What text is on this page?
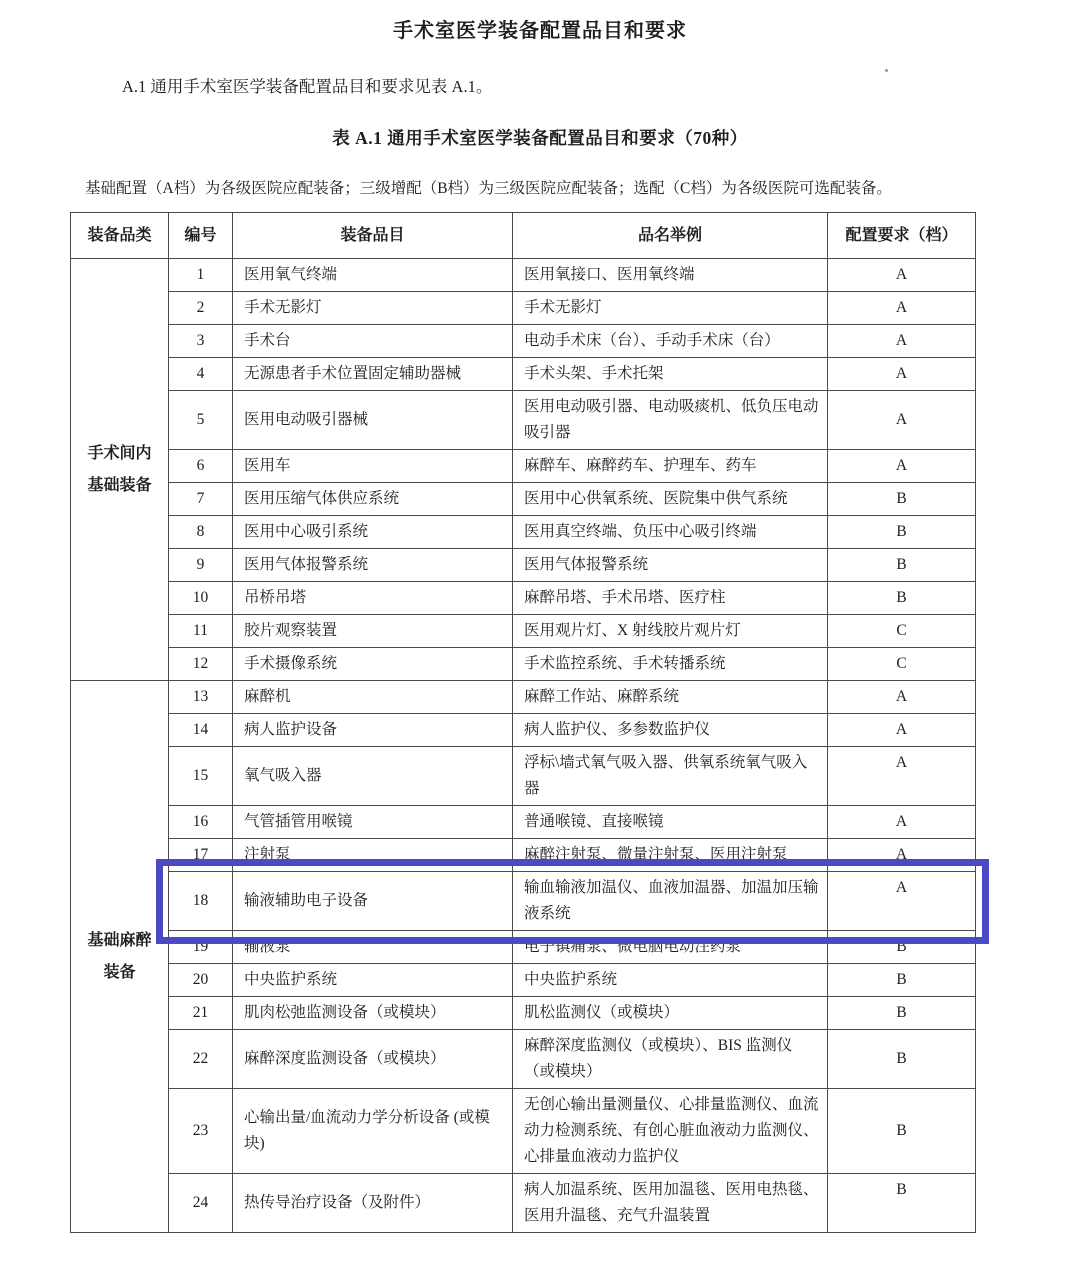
手术室医学装备配置品目和要求

A.1 通用手术室医学装备配置品目和要求见表 A.1。

表 A.1 通用手术室医学装备配置品目和要求（70种）

基础配置（A档）为各级医院应配装备；三级增配（B档）为三级医院应配装备；选配（C档）为各级医院可选配装备。

装备品类	编号	装备品目	品名举例	配置要求（档）

手术间内
基础装备	1	医用氧气终端	医用氧接口、医用氧终端	A
	2	手术无影灯	手术无影灯	A
	3	手术台	电动手术床（台）、手动手术床（台）	A
	4	无源患者手术位置固定辅助器械	手术头架、手术托架	A
	5	医用电动吸引器械	医用电动吸引器、电动吸痰机、低负压电动吸引器	A
	6	医用车	麻醉车、麻醉药车、护理车、药车	A
	7	医用压缩气体供应系统	医用中心供氧系统、医院集中供气系统	B
	8	医用中心吸引系统	医用真空终端、负压中心吸引终端	B
	9	医用气体报警系统	医用气体报警系统	B
	10	吊桥吊塔	麻醉吊塔、手术吊塔、医疗柱	B
	11	胶片观察装置	医用观片灯、X 射线胶片观片灯	C
	12	手术摄像系统	手术监控系统、手术转播系统	C

基础麻醉
装备	13	麻醉机	麻醉工作站、麻醉系统	A
	14	病人监护设备	病人监护仪、多参数监护仪	A
	15	氧气吸入器	浮标\墙式氧气吸入器、供氧系统氧气吸入器	A
	16	气管插管用喉镜	普通喉镜、直接喉镜	A
	17	注射泵	麻醉注射泵、微量注射泵、医用注射泵	A
	18	输液辅助电子设备	输血输液加温仪、血液加温器、加温加压输液系统	A
	19	输液泵	电子镇痛泵、微电脑电动注药泵	B
	20	中央监护系统	中央监护系统	B
	21	肌肉松弛监测设备（或模块）	肌松监测仪（或模块）	B
	22	麻醉深度监测设备（或模块）	麻醉深度监测仪（或模块）、BIS 监测仪（或模块）	B
	23	心输出量/血流动力学分析设备 (或模块)	无创心输出量测量仪、心排量监测仪、血流动力检测系统、有创心脏血液动力监测仪、心排量血液动力监护仪	B
	24	热传导治疗设备（及附件）	病人加温系统、医用加温毯、医用电热毯、医用升温毯、充气升温装置	B
